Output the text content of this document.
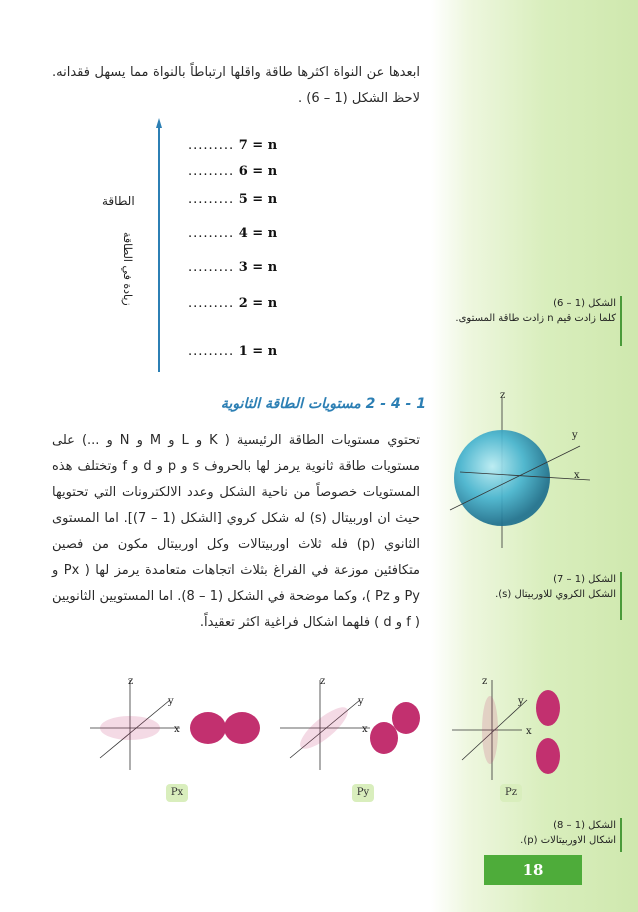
ابعدها عن النواة اكثرها طاقة واقلها ارتباطاً بالنواة مما يسهل فقدانه. لاحظ الشكل (1 – 6) .
......... 7 = n
......... 6 = n
......... 5 = n
......... 4 = n
......... 3 = n
......... 2 = n
......... 1 = n
الطاقة
زيادة في الطاقة	الشكل (1 – 6)
كلما زادت قيم n زادت طاقة المستوى.
1 - 4 - 2 مستويات الطاقة الثانوية
تحتوي مستويات الطاقة الرئيسية ( K و L و M و N و ...) على مستويات طاقة ثانوية يرمز لها بالحروف s و p و d و f وتختلف هذه المستويات خصوصاً من ناحية الشكل وعدد الالكترونات التي تحتويها حيث ان اوربيتال (s) له شكل كروي [الشكل (1 – 7)]. اما المستوى الثانوي (p) فله ثلاث اوربيتالات وكل اوربيتال مكون من فصين متكافئين موزعة في الفراغ بثلاث اتجاهات متعامدة يرمز لها ( Px و Py و Pz )، وكما موضحة في الشكل (1 – 8). اما المستويين الثانويين ( f و d ) فلهما اشكال فراغية اكثر تعقيداً.
z
y
x
الشكل (1 – 7)
الشكل الكروي للاوربيتال (s).
z
y
x
Px
z
y
x
Py
z
y
x
Pz
الشكل (1 – 8)
اشكال الاوربيتالات (p).
18
